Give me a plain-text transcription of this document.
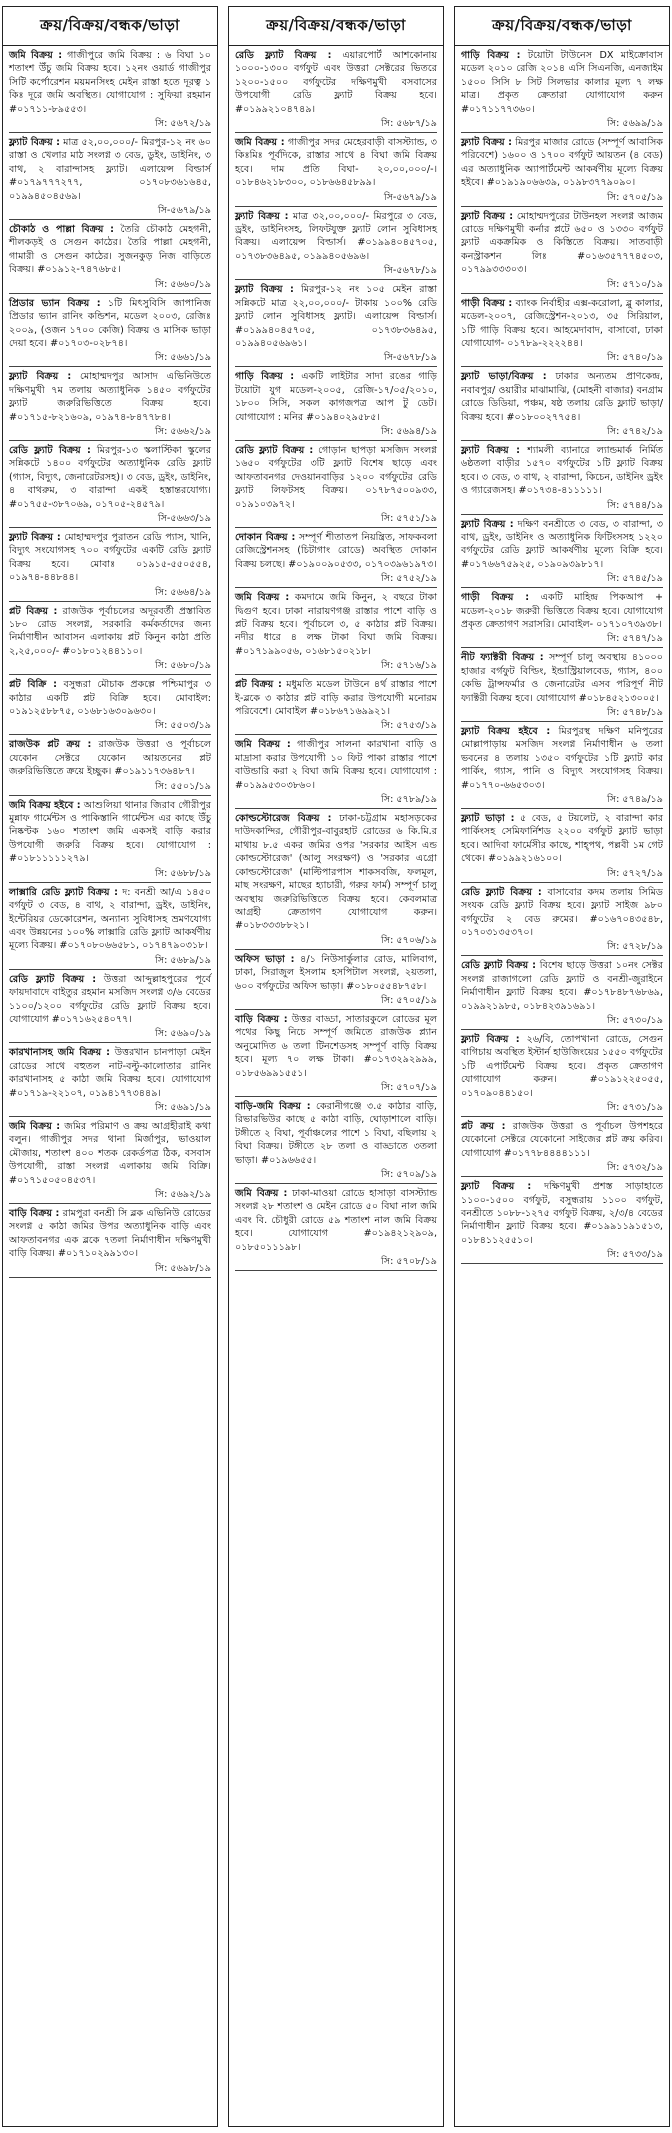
ক্রয়/বিক্রয়/বন্ধক/ভাড়া

জমি বিক্রয় : গাজীপুরে জমি বিক্রয় : ৬ বিঘা ১০ শতাংশ উঁচু জমি বিক্রয় হবে। ১২নং ওয়ার্ড গাজীপুর সিটি কর্পোরেশন ময়মনসিংহ মেইন রাস্তা হতে দূরত্ব ১ কিঃ দূরে জমি অবস্থিত। যোগাযোগ : সুফিয়া রহমান #০১৭১১-৮৯৫৫৩।

সি: ৫৬৭২/১৯

ফ্ল্যাট বিক্রয় : মাত্র ৫২,০০,০০০/- মিরপুর-১২ নং ৬০ রাস্তা ও খেলার মাঠ সংলগ্ন ৩ বেড, ডুইং, ডাইনিং, ৩ বাথ, ২ বারান্দাসহ ফ্ল্যাট। এলায়েন্স বিল্ডার্স #০১৭৯৭৭৭২৭৭, ০১৭০৮৩৬১৬৪৫, ০১৯৯৪৫০৪৫৬৯।

সি-৫৬৭৯/১৯

চৌকাঠ ও পাল্লা বিক্রয় : তৈরি চৌকাঠ মেহগনী, শীলকড়ই ও সেগুন কাঠের। তৈরি পাল্লা মেহগনী, গামারী ও সেগুন কাঠের। সুজনকুড় নিজ বাড়িতে বিক্রয়। #০১৯১২-৭৪৭৬৮৫।

সি: ৫৬৬০/১৯

প্রিডার ভ্যান বিক্রয় : ১টি মিৎসুবিসি জাপানিজ প্রিডার ভ্যান রানিং কন্ডিশন, মডেল ২০০৩, রেজিঃ ২০০৯, (ওজন ১৭০০ কেজি) বিক্রয় ও মাসিক ভাড়া দেয়া হবে। #০১৭০৩-০২৮৭৪।

সি: ৫৬৬১/১৯

ফ্ল্যাট বিক্রয় : মোহাম্মদপুর আসাদ এভিনিউতে দক্ষিণমুখী ৭ম তলায় অত্যাধুনিক ১৪৫০ বর্গফুটের ফ্ল্যাট জরুরিভিত্তিতে বিক্রয় হবে। #০১৭১৫-৮২১৬০৯, ০১৯৭৪-৮৪৭৭৮৪।

সি: ৫৬৬২/১৯

রেডি ফ্ল্যাট বিক্রয় : মিরপুর-১৩ স্কলাস্টিকা স্কুলের সন্নিকটে ১৪০০ বর্গফুটের অত্যাধুনিক রেডি ফ্ল্যাট (গ্যাস, বিদ্যুৎ, জেনারেটরসহ)। ৩ বেড, ড্রইং, ডাইনিং, ৪ বাথরুম, ৩ বারান্দা একই হস্তান্তরযোগ্য। #০১৭৫৫-৩৮৭০৬৯, ০১৭০৫-২৪৫৭৯।

সি-৫৬৬৩/১৯

ফ্ল্যাট বিক্রয় : মোহাম্মদপুর পুরাতন রেডি প্যাস, খানি, বিদ্যুৎ সংযোগসহ ৭০০ বর্গফুটের একটি রেডি ফ্ল্যাট বিক্রয় হবে। মোবাঃ ০১৯১৫-৫৫০৫৫৪, ০১৯৭৪-৪৪৮৪৪।

সি: ৫৬৬৪/১৯

প্লট বিক্রয় : রাজউক পূর্বাচলের অদূরবর্তী প্রস্তাবিত ১৮০ রোড সংলগ্ন, সরকারি কর্মকর্তাদের জন্য নির্মাণাধীন আবাসন এলাকায় প্লট কিনুন কাঠা প্রতি ২,২৫,০০০/- #০১৮০১২৪৪১১০।

সি: ৫৬৮০/১৯

প্লট বিক্রি : বসুন্ধরা মৌচাক প্রকল্পে পশ্চিমাপুর ৩ কাঠার একটি প্লট বিক্রি হবে। মোবাইল: ০১৯১২৫৮৮৭৫, ০১৬৮১৬৩০৯৬৩০।

সি: ৫৫০৩/১৯

রাজউক প্লট ক্রয় : রাজউক উত্তরা ও পূর্বাচলে যেকোন সেক্টরে যেকোন আয়তনের প্লট জরুরিভিত্তিতে ক্রয়ে ইচ্ছুক। #০১৯১১৭৩৬৪৮৭।

সি: ৫৫০১/১৯

জমি বিক্রয় হইবে : আশুলিয়া থানার জিরাব গৌরীপুর মুন্নাফ গার্মেন্টস ও পাকিস্তানি গার্মেন্টস এর কাছে উঁচু নিষ্কণ্টক ১৬০ শতাংশ জমি একসই বাড়ি করার উপযোগী জরুরি বিক্রয় হবে। যোগাযোগ : #০১৮১১১১১২৭৯।

সি: ৫৬৮৮/১৯

লাক্সারি রেডি ফ্ল্যাট বিক্রয় : দ: বনশ্রী আ/এ ১৪৫০ বর্গফুট ৩ বেড, ৪ বাথ, ২ বারান্দা, ড্রইং, ডাইনিং, ইন্টেরিয়র ডেকোরেশন, অন্যান্য সুবিধাসহ ভ্রমণযোগ্য এবং উন্নয়নের ১০০% লাক্সারি রেডি ফ্ল্যাট আকর্ষণীয় মূল্যে বিক্রয়। #০১৭০৮০৬৬৫৮১, ০১৭৪৭৯০৩১৮।

সি: ৫৬৮৯/১৯

রেডি ফ্ল্যাট বিক্রয় : উত্তরা আব্দুল্লাহপুরের পূর্বে ফায়দাবাদে বাইতুর রহমান মসজিদ সংলগ্ন ৩/৬ বেডের ১১০০/১২০০ বর্গফুটের রেডি ফ্ল্যাট বিক্রয় হবে। যোগাযোগ #০১৭১৬২৫৪০৭৭।

সি: ৫৬৯০/১৯

কারখানাসহ জমি বিক্রয় : উত্তরখান চানপাড়া মেইন রোডের সাথে বহুতল নাট-বল্টু-কালোতার রানিং কারখানাসহ ৫ কাঠা জমি বিক্রয় হবে। যোগাযোগ #০১৭১৯-২২১০৭, ০১৯৪১৭৭৩৪৪৯।

সি: ৫৬৯১/১৯

জমি বিক্রয় : জমির পরিমাণ ও ক্রয় আগ্রহীরাই কথা বলুন। গাজীপুর সদর থানা মির্জাপুর, ভাওয়াল মৌজায়, শতাংশ ৪০০ শতক রেকর্ডপত্র ঠিক, বসবাস উপযোগী, রাস্তা সংলগ্ন এলাকায় জমি বিক্রি। #০১৭১৫০৫০৪৫৩৭।

সি: ৫৬৯২/১৯

বাড়ি বিক্রয় : রামপুরা বনশ্রী সি ব্লক এভিনিউ রোডের সংলগ্ন ৫ কাঠা জমির উপর অত্যাধুনিক বাড়ি এবং আফতাবনগর এক ব্লকে ৭তলা নির্মাণাধীন দক্ষিণমুখী বাড়ি বিক্রয়। #০১৭১০২৯৯১৩০।

সি: ৫৬৯৮/১৯
ক্রয়/বিক্রয়/বন্ধক/ভাড়া

রেডি ফ্ল্যাট বিক্রয় : এয়ারপোর্ট আশকোনায় ১০০০-১৩০০ বর্গফুট এবং উত্তরা সেক্টরের ভিতরে ১২০০-১৫০০ বর্গফুটের দক্ষিণমুখী বসবাসের উপযোগী রেডি ফ্ল্যাট বিক্রয় হবে। #০১৯৯২১০৪৭৪৯।

সি: ৫৬৮৭/১৯

জমি বিক্রয় : গাজীপুর সদর মেহেরবাড়ী বাসস্ট্যান্ড, ৩ কিঃমিঃ পূর্বদিকে, রাস্তার সাথে ৪ বিঘা জমি বিক্রয় হবে। দাম প্রতি বিঘা- ২০,০০,০০০/-। ০১৮৪৬২১৮৩০০, ০১৮৬৬৪৫৮৯৯।

সি-৫৬৭৯/১৯

ফ্ল্যাট বিক্রয় : মাত্র ৩২,০০,০০০/- মিরপুরে ৩ বেড, ড্রইং, ডাইনিংসহ, লিফটযুক্ত ফ্ল্যাট লোন সুবিধাসহ বিক্রয়। এলায়েন্স বিল্ডার্স। #০১৯৯৪০৪৫৭০৫, ০১৭৩৮৩৬৪৯৫, ০১৯৯৪০৫৬৯৬।

সি-৫৬৭৮/১৯

ফ্ল্যাট বিক্রয় : মিরপুর-১২ নং ১০৫ মেইন রাস্তা সন্নিকটে মাত্র ২২,০০,০০০/- টাকায় ১০০% রেডি ফ্ল্যাট লোন সুবিধাসহ ফ্ল্যাট। এলায়েন্স বিল্ডার্স। #০১৯৯৪০৪৫৭০৫, ০১৭৩৮৩৬৪৯৫, ০১৯৯৪০৫৬৯৬১।

সি-৫৬৭৮/১৯

গাড়ি বিক্রয় : একটি লাইটার সাদা রঙের গাড়ি টয়োটা যুগ মডেল-২০০৫, রেজি-১৭/০৫/২০১০, ১৮০০ সিসি, সকল কাগজপত্র আপ টু ডেট। যোগাযোগ : মনির #০১৯৪০২৯৫৮৫।

সি: ৫৬৯৪/১৯

রেডি ফ্ল্যাট বিক্রয় : গোড়ান ছাপড়া মসজিদ সংলগ্ন ১৬৫০ বর্গফুটের ৩টি ফ্ল্যাট বিশেষ ছাড়ে এবং আফতাবনগর দেওয়ানবাড়ির ১২০০ বর্গফুটের রেডি ফ্ল্যাট লিফটসহ বিক্রয়। ০১৭৮৭৫০০৯৩৩, ০১৯১০৩৯৭২।

সি: ৫৭৫১/১৯

দোকান বিক্রয় : সম্পূর্ণ শীতাতপ নিয়ন্ত্রিত, সাফকবলা রেজিস্ট্রেশনসহ (চিটাগাং রোডে) অবস্থিত দোকান বিক্রয় চলছে। #০১৯০০৯০৫৩৩, ০১৭০৩৯৬১৯৭৩।

সি: ৫৭৫২/১৯

জমি বিক্রয় : কমদামে জমি কিনুন, ২ বছরে টাকা দ্বিগুণ হবে। ঢাকা নারায়ণগঞ্জ রাস্তার পাশে বাড়ি ও প্লট বিক্রয় হবে। পূর্বাচলে ৩, ৫ কাঠার প্লট বিক্রয়। নদীর ধারে ৪ লক্ষ টাকা বিঘা জমি বিক্রয়। #০১৭১৯৯০৫৬, ০১৬৮১৫০২১৮।

সি: ৫৭১৬/১৯

প্লট বিক্রয় : মধুমতি মডেল টাউনে ৪র্থ রাস্তার পাশে ই-ব্লকে ৩ কাঠার প্লট বাড়ি করার উপযোগী মনোরম পরিবেশে। মোবাইল #০১৮৬৭১৬৯৯২১।

সি: ৫৭৫৩/১৯

জমি বিক্রয় : গাজীপুর সালনা কারখানা বাড়ি ও মাদ্রাসা করার উপযোগী ১০ ফিট পাকা রাস্তার পাশে বাউন্ডারি করা ২ বিঘা জমি বিক্রয় হবে। যোগাযোগ : #০১৯৯৫৩০৩৮৬০।

সি: ৫৭৮৯/১৯

কোল্ডস্টোরেজ বিক্রয় : ঢাকা-চট্টগ্রাম মহাসড়কের দাউদকান্দির, গৌরীপুর-বাবুরহাট রোডের ৬ কি.মি.র মাথায় ৮.৫ একর জমির ওপর 'সরকার আইস এন্ড কোল্ডস্টোরেজ' (আলু সংরক্ষণ) ও 'সরকার এগ্রো কোল্ডস্টোরেজ' (মাল্টিপারপাস শাকসবজি, ফলমূল, মাছ সংরক্ষণ, মাছের হ্যাচারী, গরুর ফার্ম) সম্পূর্ণ চালু অবস্থায় জরুরিভিত্তিতে বিক্রয় হবে। কেবলমাত্র আগ্রহী ক্রেতাগণ যোগাযোগ করুন। #০১৮৩৩৩৮৮২১।

সি: ৫৭০৬/১৯

অফিস ভাড়া : ৪/১ নিউসার্কুলার রোড, মালিবাগ, ঢাকা, সিরাজুল ইসলাম হসপিটাল সংলগ্ন, ২য়তলা, ৬০০ বর্গফুটের অফিস ভাড়া। #০১৮০৫৫৪৮৭৫৮।

সি: ৫৭০৫/১৯

বাড়ি বিক্রয় : উত্তর বাড্ডা, সাতারকুলে রোডের মূল পথের কিছু নিচে সম্পূর্ণ জমিতে রাজউক প্ল্যান অনুমোদিত ৬ তলা টিনশেডসহ সম্পূর্ণ বাড়ি বিক্রয় হবে। মূল্য ৭০ লক্ষ টাকা। #০১৭৩২৯২৯৯৯, ০১৮৫৬৯৯১৫৫১।

সি: ৫৭০৭/১৯

বাড়ি-জমি বিক্রয় : কেরানীগঞ্জে ৩.৫ কাঠার বাড়ি, রিভারভিউর কাছে ৫ কাঠা বাড়ি, ঘোড়াশালে বাড়ি। টঙ্গীতে ২ বিঘা, পূর্বাঞ্চলের পাশে ১ বিঘা, বছিলায় ২ বিঘা বিক্রয়। টঙ্গীতে ২৮ তলা ও বাড্ডাতে ৩তলা ভাড়া। #০১৯৬৬৫৫।

সি: ৫৭০৯/১৯

জমি বিক্রয় : ঢাকা-মাওয়া রোডে হাসাড়া বাসস্ট্যান্ড সংলগ্ন ২৮ শতাংশ ও মেইন রোডে ৫০ বিঘা নাল জমি এবং বি. চৌধুরী রোডে ৫৯ শতাংশ নাল জমি বিক্রয় হবে। যোগাযোগ #০১৯৪২১২৯০৯, ০১৮৫০১১১৯৮।

সি: ৫৭০৮/১৯
ক্রয়/বিক্রয়/বন্ধক/ভাড়া

গাড়ি বিক্রয় : টয়োটা টাউনেস DX মাইক্রোবাস মডেল ২০১০ রেজি ২০১৪ এসি সিএনজি, এনজাইম ১৫০০ সিসি ৮ সিট সিলভার কালার মূল্য ৭ লক্ষ মাত্র। প্রকৃত ক্রেতারা যোগাযোগ করুন #০১৭১১৭৭৩৬০।

সি: ৫৬৯৯/১৯

ফ্ল্যাট বিক্রয় : মিরপুর মাজার রোডে (সম্পূর্ণ আবাসিক পরিবেশে) ১৬০০ ও ১৭০০ বর্গফুট আয়তন (৪ বেড) এর অত্যাধুনিক অ্যাপার্টমেন্ট আকর্ষণীয় মূল্যে বিক্রয় হইবে। #০১৯১৯০৬৬৩৯, ০১৯৮৩৭৭৯০৯০।

সি: ৫৭০৫/১৯

ফ্ল্যাট বিক্রয় : মোহাম্মদপুরের টাউনহল সংলগ্ন আজম রোডে দক্ষিণমুখী কর্নার প্লটে ৬৫০ ও ১৩৩০ বর্গফুট ফ্ল্যাট একক্রমিক ও কিস্তিতে বিক্রয়। সাতবাড়ী কনস্ট্রাকশন লিঃ #০১৬৩৫৭৭৭৪৫০৩, ০১৭৯৯৩৩৩০৩।

সি: ৫৭১০/১৯

গাড়ী বিক্রয় : ব্যাংক নির্বাহীর এক্স-করোলা, ব্লু কালার, মডেল-২০০৭, রেজিস্ট্রেশন-২০১৩, ৩৫ সিরিয়াল, ১টি গাড়ি বিক্রয় হবে। আহমেদাবাদ, বাসাবো, ঢাকা যোগাযোগ- ০১৭৮৯-২২২২৪৪।

সি: ৫৭৪০/১৯

ফ্ল্যাট ভাড়া/বিক্রয় : ঢাকার অন্যতম প্রাণকেন্দ্র, নবাবপুর/ ওয়ারীর মাঝামাঝি, (মোহনী বাজার) বনগ্রাম রোডে ডিডিয়া, পঞ্চম, ষষ্ঠ তলায় রেডি ফ্ল্যাট ভাড়া/ বিক্রয় হবে। #০১৮০০২৭৭৫৪।

সি: ৫৭৪২/১৯

ফ্ল্যাট বিক্রয় : শ্যামলী ব্যানারে ল্যান্ডমার্ক নির্মিত ৬ষ্ঠতলা বাড়ীর ১৫৭০ বর্গফুটের ১টি ফ্ল্যাট বিক্রয় হবে। ৩ বেড, ৩ বাথ, ২ বারান্দা, কিচেন, ডাইনিং ড্রইং ও গ্যারেজসহ। #০১৭৩৪-৪১১১১১।

সি: ৫৭৪৪/১৯

ফ্ল্যাট বিক্রয় : দক্ষিণ বনশ্রীতে ৩ বেড, ৩ বারান্দা, ৩ বাথ, ড্রইং, ডাইনিং ও অত্যাধুনিক ফিটিংসসহ ১২২০ বর্গফুটের রেডি ফ্ল্যাট আকর্ষণীয় মূল্যে বিক্রি হবে। #০১৭৬৬৭৫৯২৫, ০১৯০৯৩৯৮১৭।

সি: ৫৭৪৫/১৯

গাড়ী বিক্রয় : একটি মাহিন্দ্র পিকআপ + মডেল-২০১৮ জরুরী ভিত্তিতে বিক্রয় হবে। যোগাযোগ প্রকৃত ক্রেতাগণ সরাসরি। মোবাইল- ০১৭১০৭৩৯৩৮।

সি: ৫৭৪৭/১৯

নীট ফ্যাক্টরী বিক্রয় : সম্পূর্ণ চালু অবস্থায় ৪১০০০ হাজার বর্গফুট বিল্ডিং, ইন্ডাস্ট্রিয়ালবেড, গ্যাস, ৪০০ কেভি ট্রান্সফর্মার ও জেনারেটর এসব পরিপূর্ণ নীট ফ্যাক্টরী বিক্রয় হবে। যোগাযোগ #০১৮৪৫২১৩০০৫।

সি: ৫৭৪৮/১৯

ফ্ল্যাট বিক্রয় হইবে : মিরপুরস্থ দক্ষিণ মনিপুরের মোল্লাপাড়ায় মসজিদ সংলগ্ন নির্মাণাধীন ৬ তলা ভবনের ৪ তলায় ১৩৫০ বর্গফুটের ১টি ফ্ল্যাট কার পার্কিং, গ্যাস, পানি ও বিদ্যুৎ সংযোগসহ বিক্রয়। #০১৭৭০-৬৬৫৩০৩।

সি: ৫৭৪৯/১৯

ফ্ল্যাট ভাড়া : ৫ বেড, ৫ টয়লেট, ২ বারান্দা কার পার্কিংসহ সেমিফার্নিশড ২২০০ বর্গফুট ফ্ল্যাট ভাড়া হবে। আদিবা ফার্মেসীর কাছে, শাহ্‌পথ, পল্লবী ১ম গেট থেকে। #০১৯৯২১৬১০০।

সি: ৫৭২৭/১৯

রেডি ফ্ল্যাট বিক্রয় : বাসাবোর কদম তলায় সিমিড সংযক রেডি ফ্ল্যাট বিক্রয় হবে। ফ্ল্যাট সাইজ ৯৮০ বর্গফুটের ২ বেড রুমের। #০১৬৭০৪৩৫৪৮, ০১৭০৩১৩৫৩৭০।

সি: ৫৭২৮/১৯

রেডি ফ্ল্যাট বিক্রয় : বিশেষ ছাড়ে উত্তরা ১০নং সেক্টর সংলগ্ন রাজাগলো রেডি ফ্ল্যাট ও বনশ্রী-জুরাইনে নির্মাণাধীন ফ্ল্যাট বিক্রয় হবে। #০১৭৮৪৮৭৬৮৬৯, ০১৯৯২১৯৮৫, ০১৮৪২৩৯১৬৯১।

সি: ৫৭৩০/১৯

ফ্ল্যাট বিক্রয় : ২৬/বি, তোপখানা রোডে, সেগুন বাগিচায় অবস্থিত ইস্টার্ন হাউজিংয়ের ১৫৫০ বর্গফুটের ১টি এপার্টমেন্ট বিক্রয় হবে। প্রকৃত ক্রেতাগণ যোগাযোগ করুন। #০১৯১২২৫০৫৫, ০১৭০৯০৪৪১৫০।

সি: ৫৭৩১/১৯

প্লট ক্রয় : রাজউক উত্তরা ও পূর্বাচল উপশহরে যেকোনো সেক্টরে যেকোনো সাইজের প্লট ক্রয় করিব। যোগাযোগ #০১৭৭৮৪৪৪৪১১১।

সি: ৫৭৩২/১৯

ফ্ল্যাট বিক্রয় : দক্ষিণমুখী প্রশস্ত সাড়াহাতে ১১০০-১৫০০ বর্গফুট, বসুন্ধরায় ১১০০ বর্গফুট, বনশ্রীতে ১০৮৮-১২৭৫ বর্গফুট বিক্রয়, ২/৩/৪ বেডের নির্মাণাধীন ফ্ল্যাট বিক্রয় হবে। #০১৯৯১১৯১৫১৩, ০১৮৪১১২৫৫১০।

সি: ৫৭৩৩/১৯
